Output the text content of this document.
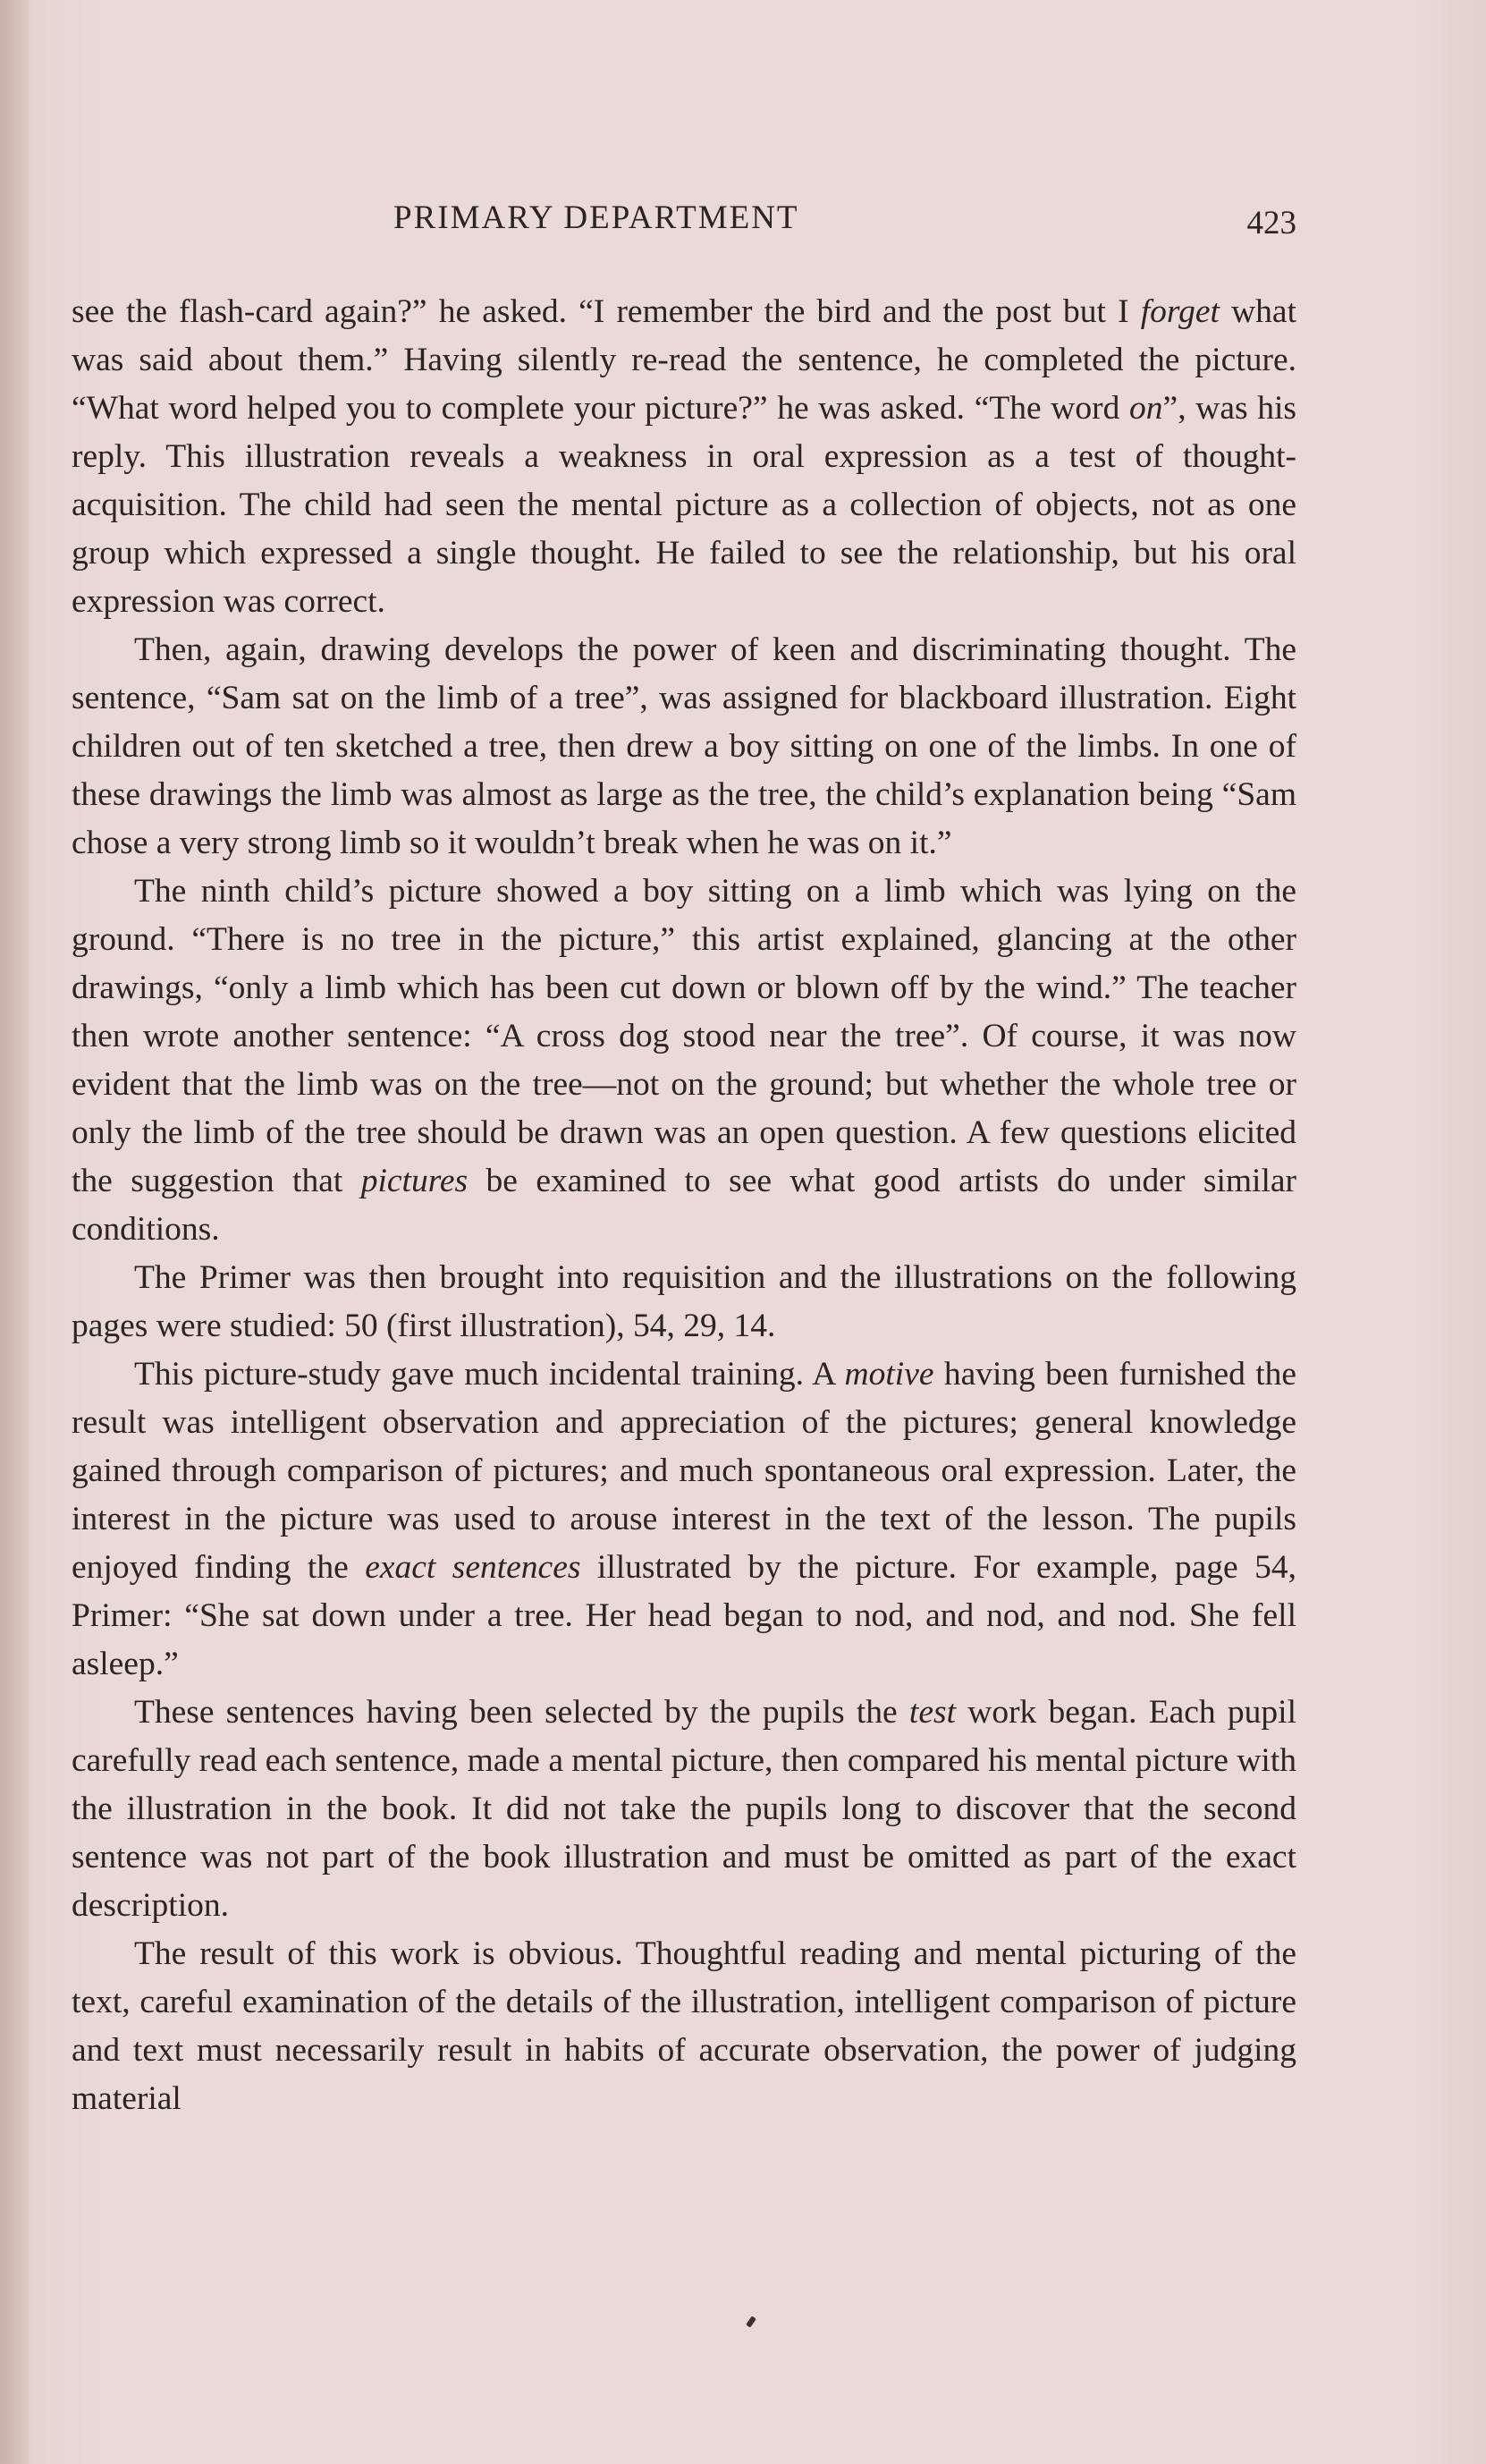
PRIMARY DEPARTMENT	423

see the flash-card again?” he asked. “I remember the bird and the post but I forget what was said about them.” Having silently re-read the sentence, he completed the picture. “What word helped you to complete your picture?” he was asked. “The word on”, was his reply. This illustration reveals a weakness in oral expression as a test of thought-acquisition. The child had seen the mental picture as a collection of objects, not as one group which expressed a single thought. He failed to see the relationship, but his oral expression was correct.

Then, again, drawing develops the power of keen and discriminating thought. The sentence, “Sam sat on the limb of a tree”, was assigned for blackboard illustration. Eight children out of ten sketched a tree, then drew a boy sitting on one of the limbs. In one of these drawings the limb was almost as large as the tree, the child’s explanation being “Sam chose a very strong limb so it wouldn’t break when he was on it.”

The ninth child’s picture showed a boy sitting on a limb which was lying on the ground. “There is no tree in the picture,” this artist explained, glancing at the other drawings, “only a limb which has been cut down or blown off by the wind.” The teacher then wrote another sentence: “A cross dog stood near the tree”. Of course, it was now evident that the limb was on the tree—not on the ground; but whether the whole tree or only the limb of the tree should be drawn was an open question. A few questions elicited the suggestion that pictures be examined to see what good artists do under similar conditions.

The Primer was then brought into requisition and the illustrations on the following pages were studied: 50 (first illustration), 54, 29, 14.

This picture-study gave much incidental training. A motive having been furnished the result was intelligent observation and appreciation of the pictures; general knowledge gained through comparison of pictures; and much spontaneous oral expression. Later, the interest in the picture was used to arouse interest in the text of the lesson. The pupils enjoyed finding the exact sentences illustrated by the picture. For example, page 54, Primer: “She sat down under a tree. Her head began to nod, and nod, and nod. She fell asleep.”

These sentences having been selected by the pupils the test work began. Each pupil carefully read each sentence, made a mental picture, then compared his mental picture with the illustration in the book. It did not take the pupils long to discover that the second sentence was not part of the book illustration and must be omitted as part of the exact description.

The result of this work is obvious. Thoughtful reading and mental picturing of the text, careful examination of the details of the illustration, intelligent comparison of picture and text must necessarily result in habits of accurate observation, the power of judging material
